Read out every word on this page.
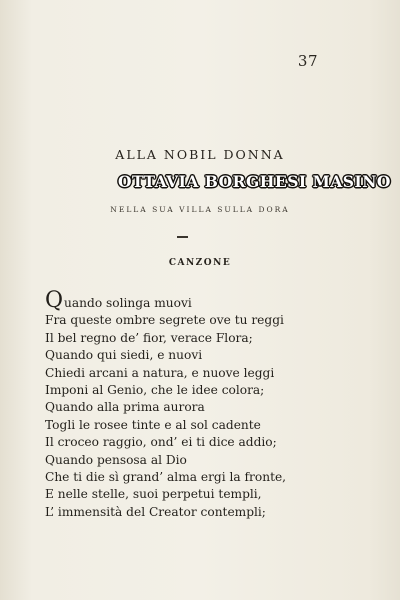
37
ALLA NOBIL DONNA
OTTAVIA BORGHESI MASINO
NELLA SUA VILLA SULLA DORA
CANZONE
Quando solinga muovi
Fra queste ombre segrete ove tu reggi
Il bel regno de’ fior, verace Flora;
Quando qui siedi, e nuovi
Chiedi arcani a natura, e nuove leggi
Imponi al Genio, che le idee colora;
Quando alla prima aurora
Togli le rosee tinte e al sol cadente
Il croceo raggio, ond’ ei ti dice addio;
Quando pensosa al Dio
Che ti die sì grand’ alma ergi la fronte,
E nelle stelle, suoi perpetui templi,
L’ immensità del Creator contempli;
